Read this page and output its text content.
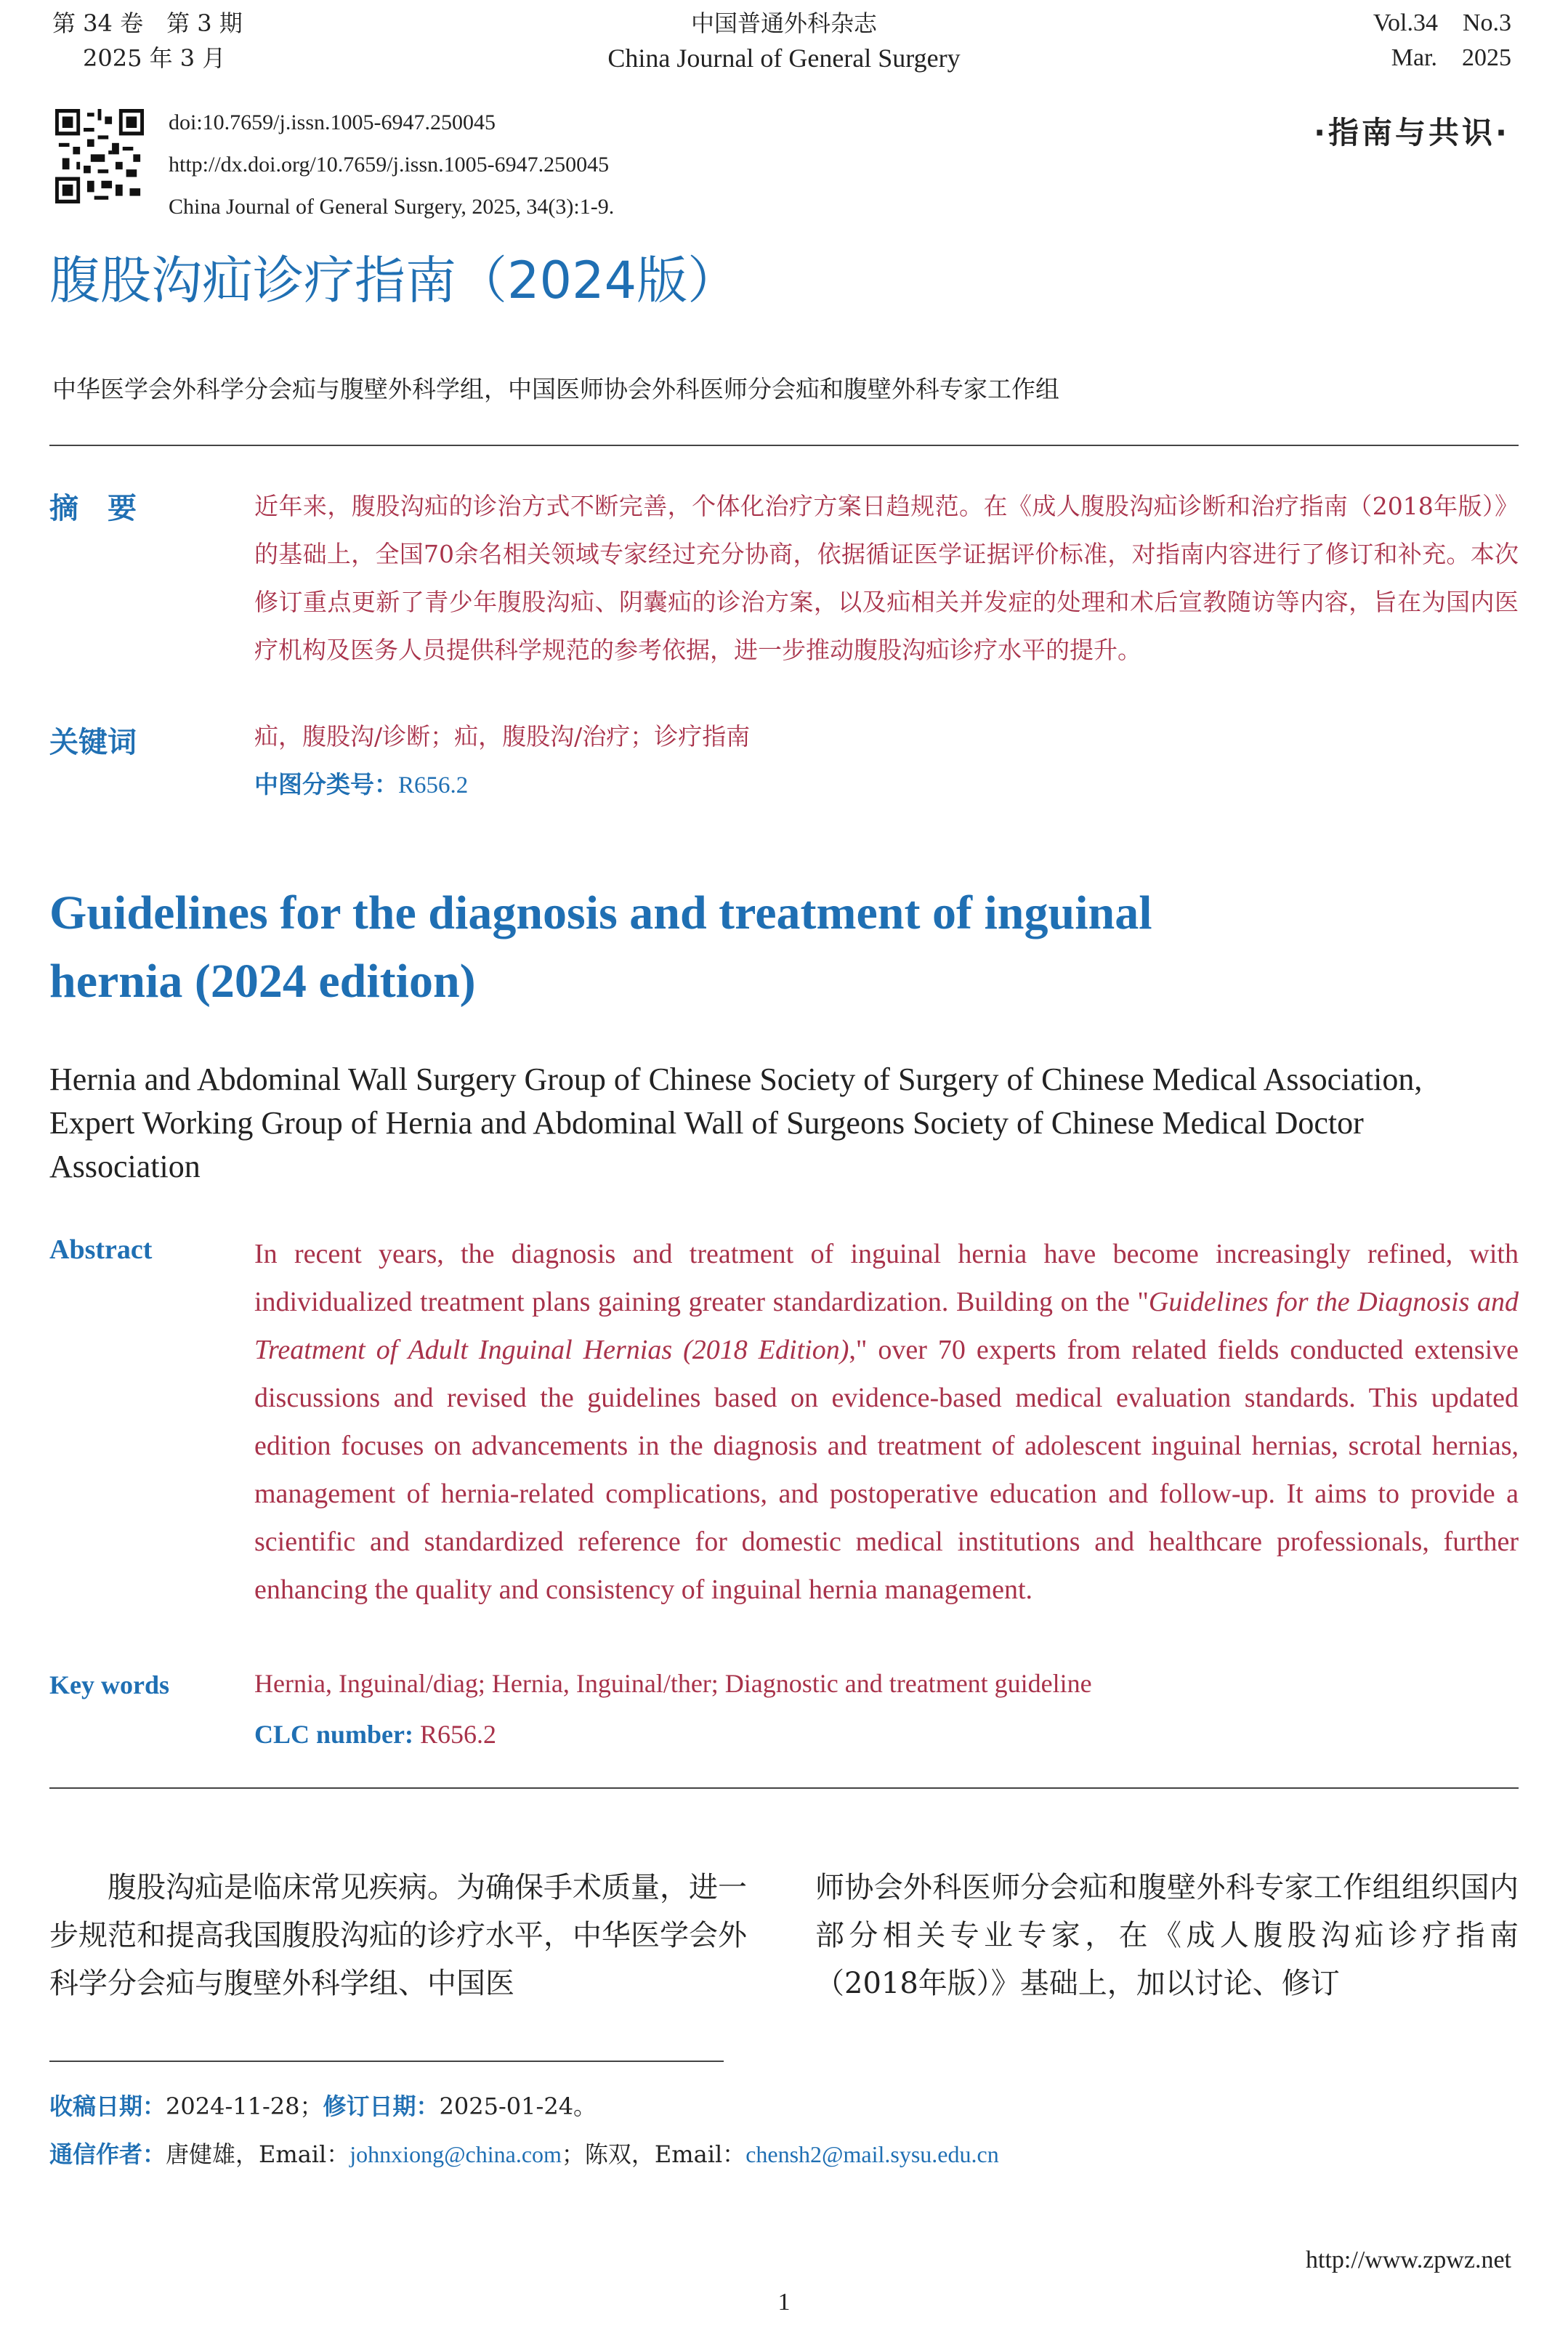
第 34 卷　第 3 期
2025 年 3 月
中国普通外科杂志
China Journal of General Surgery
Vol.34　No.3
Mar.　2025
doi:10.7659/j.issn.1005-6947.250045
http://dx.doi.org/10.7659/j.issn.1005-6947.250045
China Journal of General Surgery, 2025, 34(3):1-9.
·指南与共识·
腹股沟疝诊疗指南（2024版）
中华医学会外科学分会疝与腹壁外科学组，中国医师协会外科医师分会疝和腹壁外科专家工作组
摘　要	近年来，腹股沟疝的诊治方式不断完善，个体化治疗方案日趋规范。在《成人腹股沟疝诊断和治疗指南（2018年版）》的基础上，全国70余名相关领域专家经过充分协商，依据循证医学证据评价标准，对指南内容进行了修订和补充。本次修订重点更新了青少年腹股沟疝、阴囊疝的诊治方案，以及疝相关并发症的处理和术后宣教随访等内容，旨在为国内医疗机构及医务人员提供科学规范的参考依据，进一步推动腹股沟疝诊疗水平的提升。

关键词	疝，腹股沟/诊断；疝，腹股沟/治疗；诊疗指南
中图分类号：R656.2
Guidelines for the diagnosis and treatment of inguinal
hernia (2024 edition)
Hernia and Abdominal Wall Surgery Group of Chinese Society of Surgery of Chinese Medical Association, Expert Working Group of Hernia and Abdominal Wall of Surgeons Society of Chinese Medical Doctor Association
Abstract	In recent years, the diagnosis and treatment of inguinal hernia have become increasingly refined, with individualized treatment plans gaining greater standardization. Building on the "Guidelines for the Diagnosis and Treatment of Adult Inguinal Hernias (2018 Edition)," over 70 experts from related fields conducted extensive discussions and revised the guidelines based on evidence-based medical evaluation standards. This updated edition focuses on advancements in the diagnosis and treatment of adolescent inguinal hernias, scrotal hernias, management of hernia-related complications, and postoperative education and follow-up. It aims to provide a scientific and standardized reference for domestic medical institutions and healthcare professionals, further enhancing the quality and consistency of inguinal hernia management.

Key words	Hernia, Inguinal/diag; Hernia, Inguinal/ther; Diagnostic and treatment guideline
CLC number: R656.2

　　腹股沟疝是临床常见疾病。为确保手术质量，进一步规范和提高我国腹股沟疝的诊疗水平，中华医学会外科学分会疝与腹壁外科学组、中国医

师协会外科医师分会疝和腹壁外科专家工作组组织国内部分相关专业专家，在《成人腹股沟疝诊疗指南（2018年版）》基础上，加以讨论、修订

收稿日期：2024-11-28；修订日期：2025-01-24。
通信作者：唐健雄，Email：johnxiong@china.com；陈双，Email：chensh2@mail.sysu.edu.cn
http://www.zpwz.net
1
